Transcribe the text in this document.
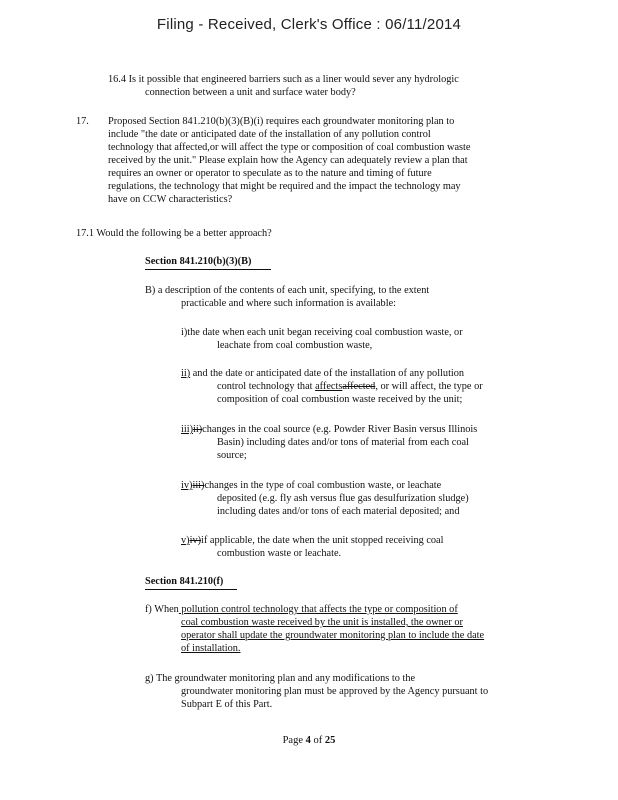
Filing - Received, Clerk's Office : 06/11/2014
16.4 Is it possible that engineered barriers such as a liner would sever any hydrologic
connection between a unit and surface water body?
17. Proposed Section 841.210(b)(3)(B)(i) requires each groundwater monitoring plan to
include "the date or anticipated date of the installation of any pollution control
technology that affected,or will affect the type or composition of coal combustion waste
received by the unit." Please explain how the Agency can adequately review a plan that
requires an owner or operator to speculate as to the nature and timing of future
regulations, the technology that might be required and the impact the technology may
have on CCW characteristics?
17.1 Would the following be a better approach?
Section 841.210(b)(3)(B)
B) a description of the contents of each unit, specifying, to the extent
practicable and where such information is available:
i)the date when each unit began receiving coal combustion waste, or
leachate from coal combustion waste,
ii) and the date or anticipated date of the installation of any pollution
control technology that affectsaffected, or will affect, the type or
composition of coal combustion waste received by the unit;
iii)ii)changes in the coal source (e.g. Powder River Basin versus Illinois
Basin) including dates and/or tons of material from each coal
source;
iv)iii)changes in the type of coal combustion waste, or leachate
deposited (e.g. fly ash versus flue gas desulfurization sludge)
including dates and/or tons of each material deposited; and
v)iv)if applicable, the date when the unit stopped receiving coal
combustion waste or leachate.
Section 841.210(f)
f) When pollution control technology that affects the type or composition of
coal combustion waste received by the unit is installed, the owner or
operator shall update the groundwater monitoring plan to include the date
of installation.
g) The groundwater monitoring plan and any modifications to the
groundwater monitoring plan must be approved by the Agency pursuant to
Subpart E of this Part.
Page 4 of 25
